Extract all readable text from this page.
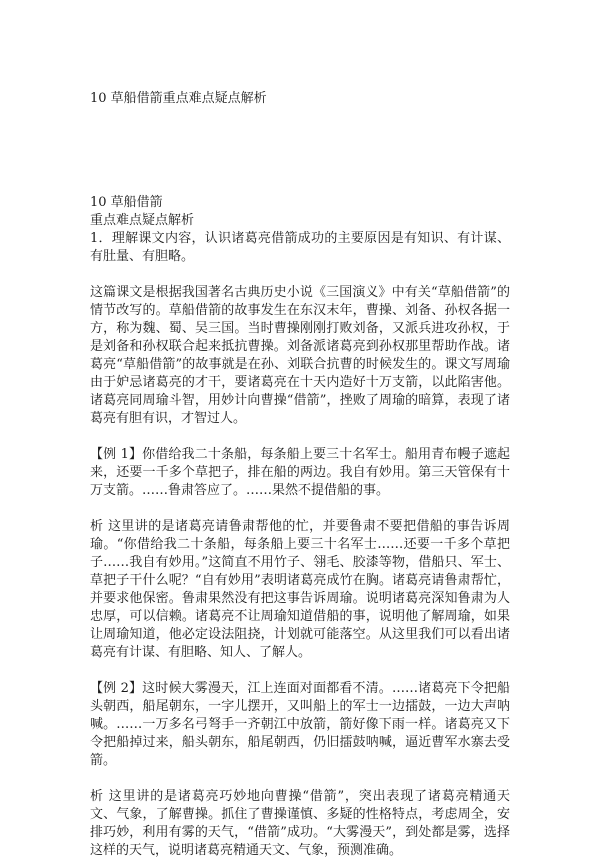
10 草船借箭重点难点疑点解析

10 草船借箭

重点难点疑点解析

1．理解课文内容，认识诸葛亮借箭成功的主要原因是有知识、有计谋、有肚量、有胆略。

这篇课文是根据我国著名古典历史小说《三国演义》中有关“草船借箭”的情节改写的。草船借箭的故事发生在东汉末年，曹操、刘备、孙权各据一方，称为魏、蜀、吴三国。当时曹操刚刚打败刘备，又派兵进攻孙权，于是刘备和孙权联合起来抵抗曹操。刘备派诸葛亮到孙权那里帮助作战。诸葛亮“草船借箭”的故事就是在孙、刘联合抗曹的时候发生的。课文写周瑜由于妒忌诸葛亮的才干，要诸葛亮在十天内造好十万支箭，以此陷害他。诸葛亮同周瑜斗智，用妙计向曹操“借箭”，挫败了周瑜的暗算，表现了诸葛亮有胆有识，才智过人。

【例 1】你借给我二十条船，每条船上要三十名军士。船用青布幔子遮起来，还要一千多个草把子，排在船的两边。我自有妙用。第三天管保有十万支箭。……鲁肃答应了。……果然不提借船的事。

析 这里讲的是诸葛亮请鲁肃帮他的忙，并要鲁肃不要把借船的事告诉周瑜。“你借给我二十条船，每条船上要三十名军士……还要一千多个草把子……我自有妙用。”这简直不用竹子、翎毛、胶漆等物，借船只、军士、草把子干什么呢？“自有妙用”表明诸葛亮成竹在胸。诸葛亮请鲁肃帮忙，并要求他保密。鲁肃果然没有把这事告诉周瑜。说明诸葛亮深知鲁肃为人忠厚，可以信赖。诸葛亮不让周瑜知道借船的事，说明他了解周瑜，如果让周瑜知道，他必定设法阻挠，计划就可能落空。从这里我们可以看出诸葛亮有计谋、有胆略、知人、了解人。

【例 2】这时候大雾漫天，江上连面对面都看不清。……诸葛亮下令把船头朝西，船尾朝东，一字儿摆开，又叫船上的军士一边擂鼓，一边大声呐喊。……一万多名弓弩手一齐朝江中放箭，箭好像下雨一样。诸葛亮又下令把船掉过来，船头朝东，船尾朝西，仍旧擂鼓呐喊，逼近曹军水寨去受箭。

析 这里讲的是诸葛亮巧妙地向曹操“借箭”，突出表现了诸葛亮精通天文、气象，了解曹操。抓住了曹操谨慎、多疑的性格特点，考虑周全，安排巧妙，利用有雾的天气，“借箭”成功。“大雾漫天”，到处都是雾，选择这样的天气，说明诸葛亮精通天文、气象，预测准确。
